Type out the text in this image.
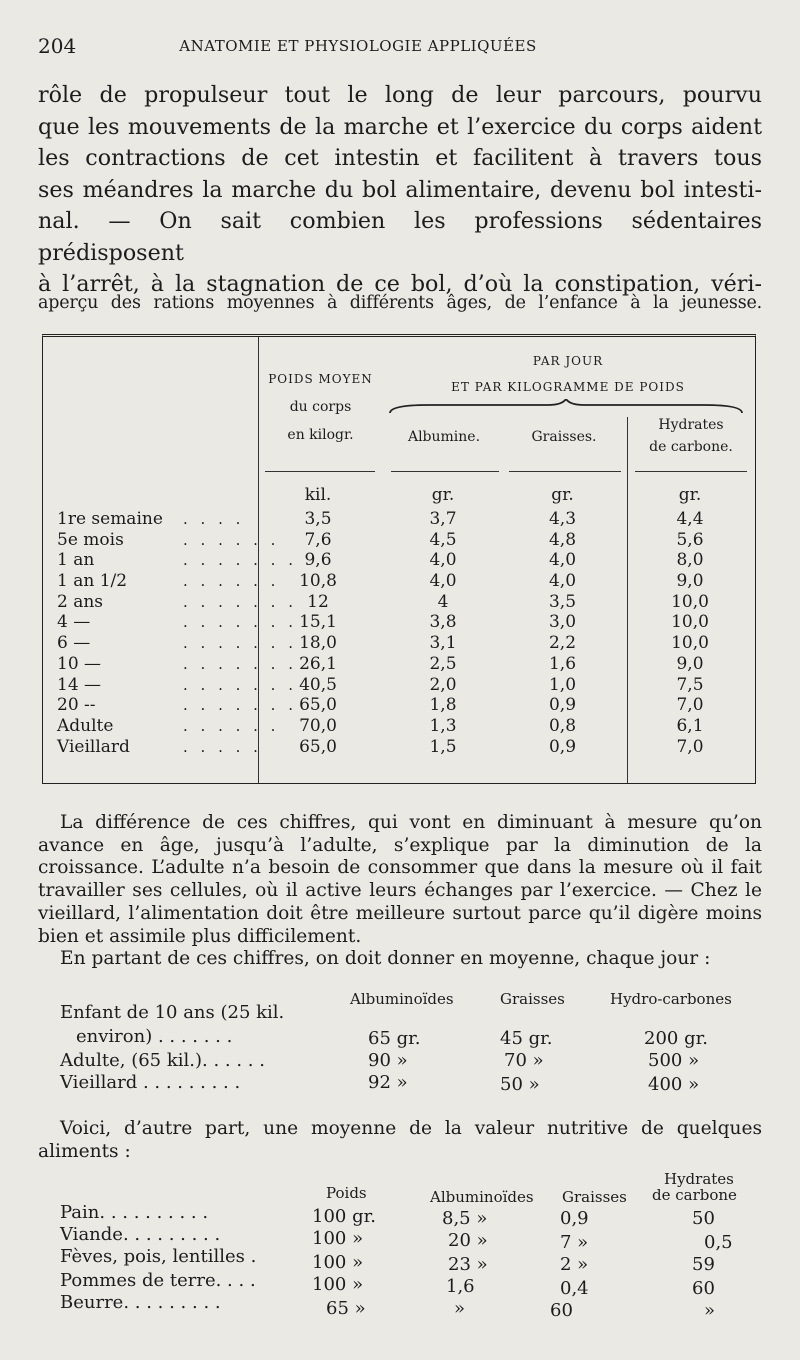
204	ANATOMIE ET PHYSIOLOGIE APPLIQUÉES

rôle de propulseur tout le long de leur parcours, pourvu

que les mouvements de la marche et l’exercice du corps aident

les contractions de cet intestin et facilitent à travers tous

ses méandres la marche du bol alimentaire, devenu bol intesti-

nal. — On sait combien les professions sédentaires prédisposent

à l’arrêt, à la stagnation de ce bol, d’où la constipation, véri-

aperçu des rations moyennes à différents âges, de l’enfance à la jeunesse.
POIDS MOYEN
du corps
en kilogr.
PAR JOUR
ET PAR KILOGRAMME DE POIDS
Albumine.	Graisses.
Hydrates
de carbone.
kil.	gr.	gr.	gr.
1re semaine . . . .	3,5	3,7	4,3	4,4
5e mois	. . . . . .	7,6	4,5	4,8	5,6
1 an	. . . . . . . 9,6	4,0	4,0	8,0
1 an 1/2	. . . . . .	10,8	4,0	4,0	9,0
2 ans	. . . . . . . 12	4	3,5	10,0
4 —	. . . . . . . 15,1	3,8	3,0	10,0
6 —	. . . . . . . 18,0	3,1	2,2	10,0
10 —	. . . . . . . 26,1	2,5	1,6	9,0
14 —	. . . . . . . 40,5	2,0	1,0	7,5
20 --	. . . . . . . 65,0	1,8	0,9	7,0
Adulte	. . . . . .	70,0	1,3	0,8	6,1
Vieillard	. . . . .	65,0	1,5	0,9	7,0

La différence de ces chiffres, qui vont en diminuant à mesure qu’on avance en âge, jusqu’à l’adulte, s’explique par la diminution de la croissance. L’adulte n’a besoin de consommer que dans la mesure où il fait travailler ses cellules, où il active leurs échanges par l’exercice. — Chez le vieillard, l’alimentation doit être meilleure surtout parce qu’il digère moins bien et assimile plus difficilement.

En partant de ces chiffres, on doit donner en moyenne, chaque jour :

Albuminoïdes	Graisses	Hydro-carbones
Enfant de 10 ans (25 kil.
environ) . . . . . . .	65 gr.	45 gr.	200 gr.
Adulte, (65 kil.). . . . . .	90 »	70 »	500 »
Vieillard . . . . . . . . .	92 »	50 »	400 »

Voici, d’autre part, une moyenne de la valeur nutritive de quelques aliments :

Poids	Albuminoïdes Graisses
Hydrates
de carbone
Pain. . . . . . . . . .	100 gr.	8,5 »	0,9	50
Viande. . . . . . . . .	100 »	20 »	7 »	0,5
Fèves, pois, lentilles .	100 »	23 »	2 »	59
Pommes de terre. . . .	100 »	1,6	0,4	60
Beurre. . . . . . . . .	65 »	»	60	»
